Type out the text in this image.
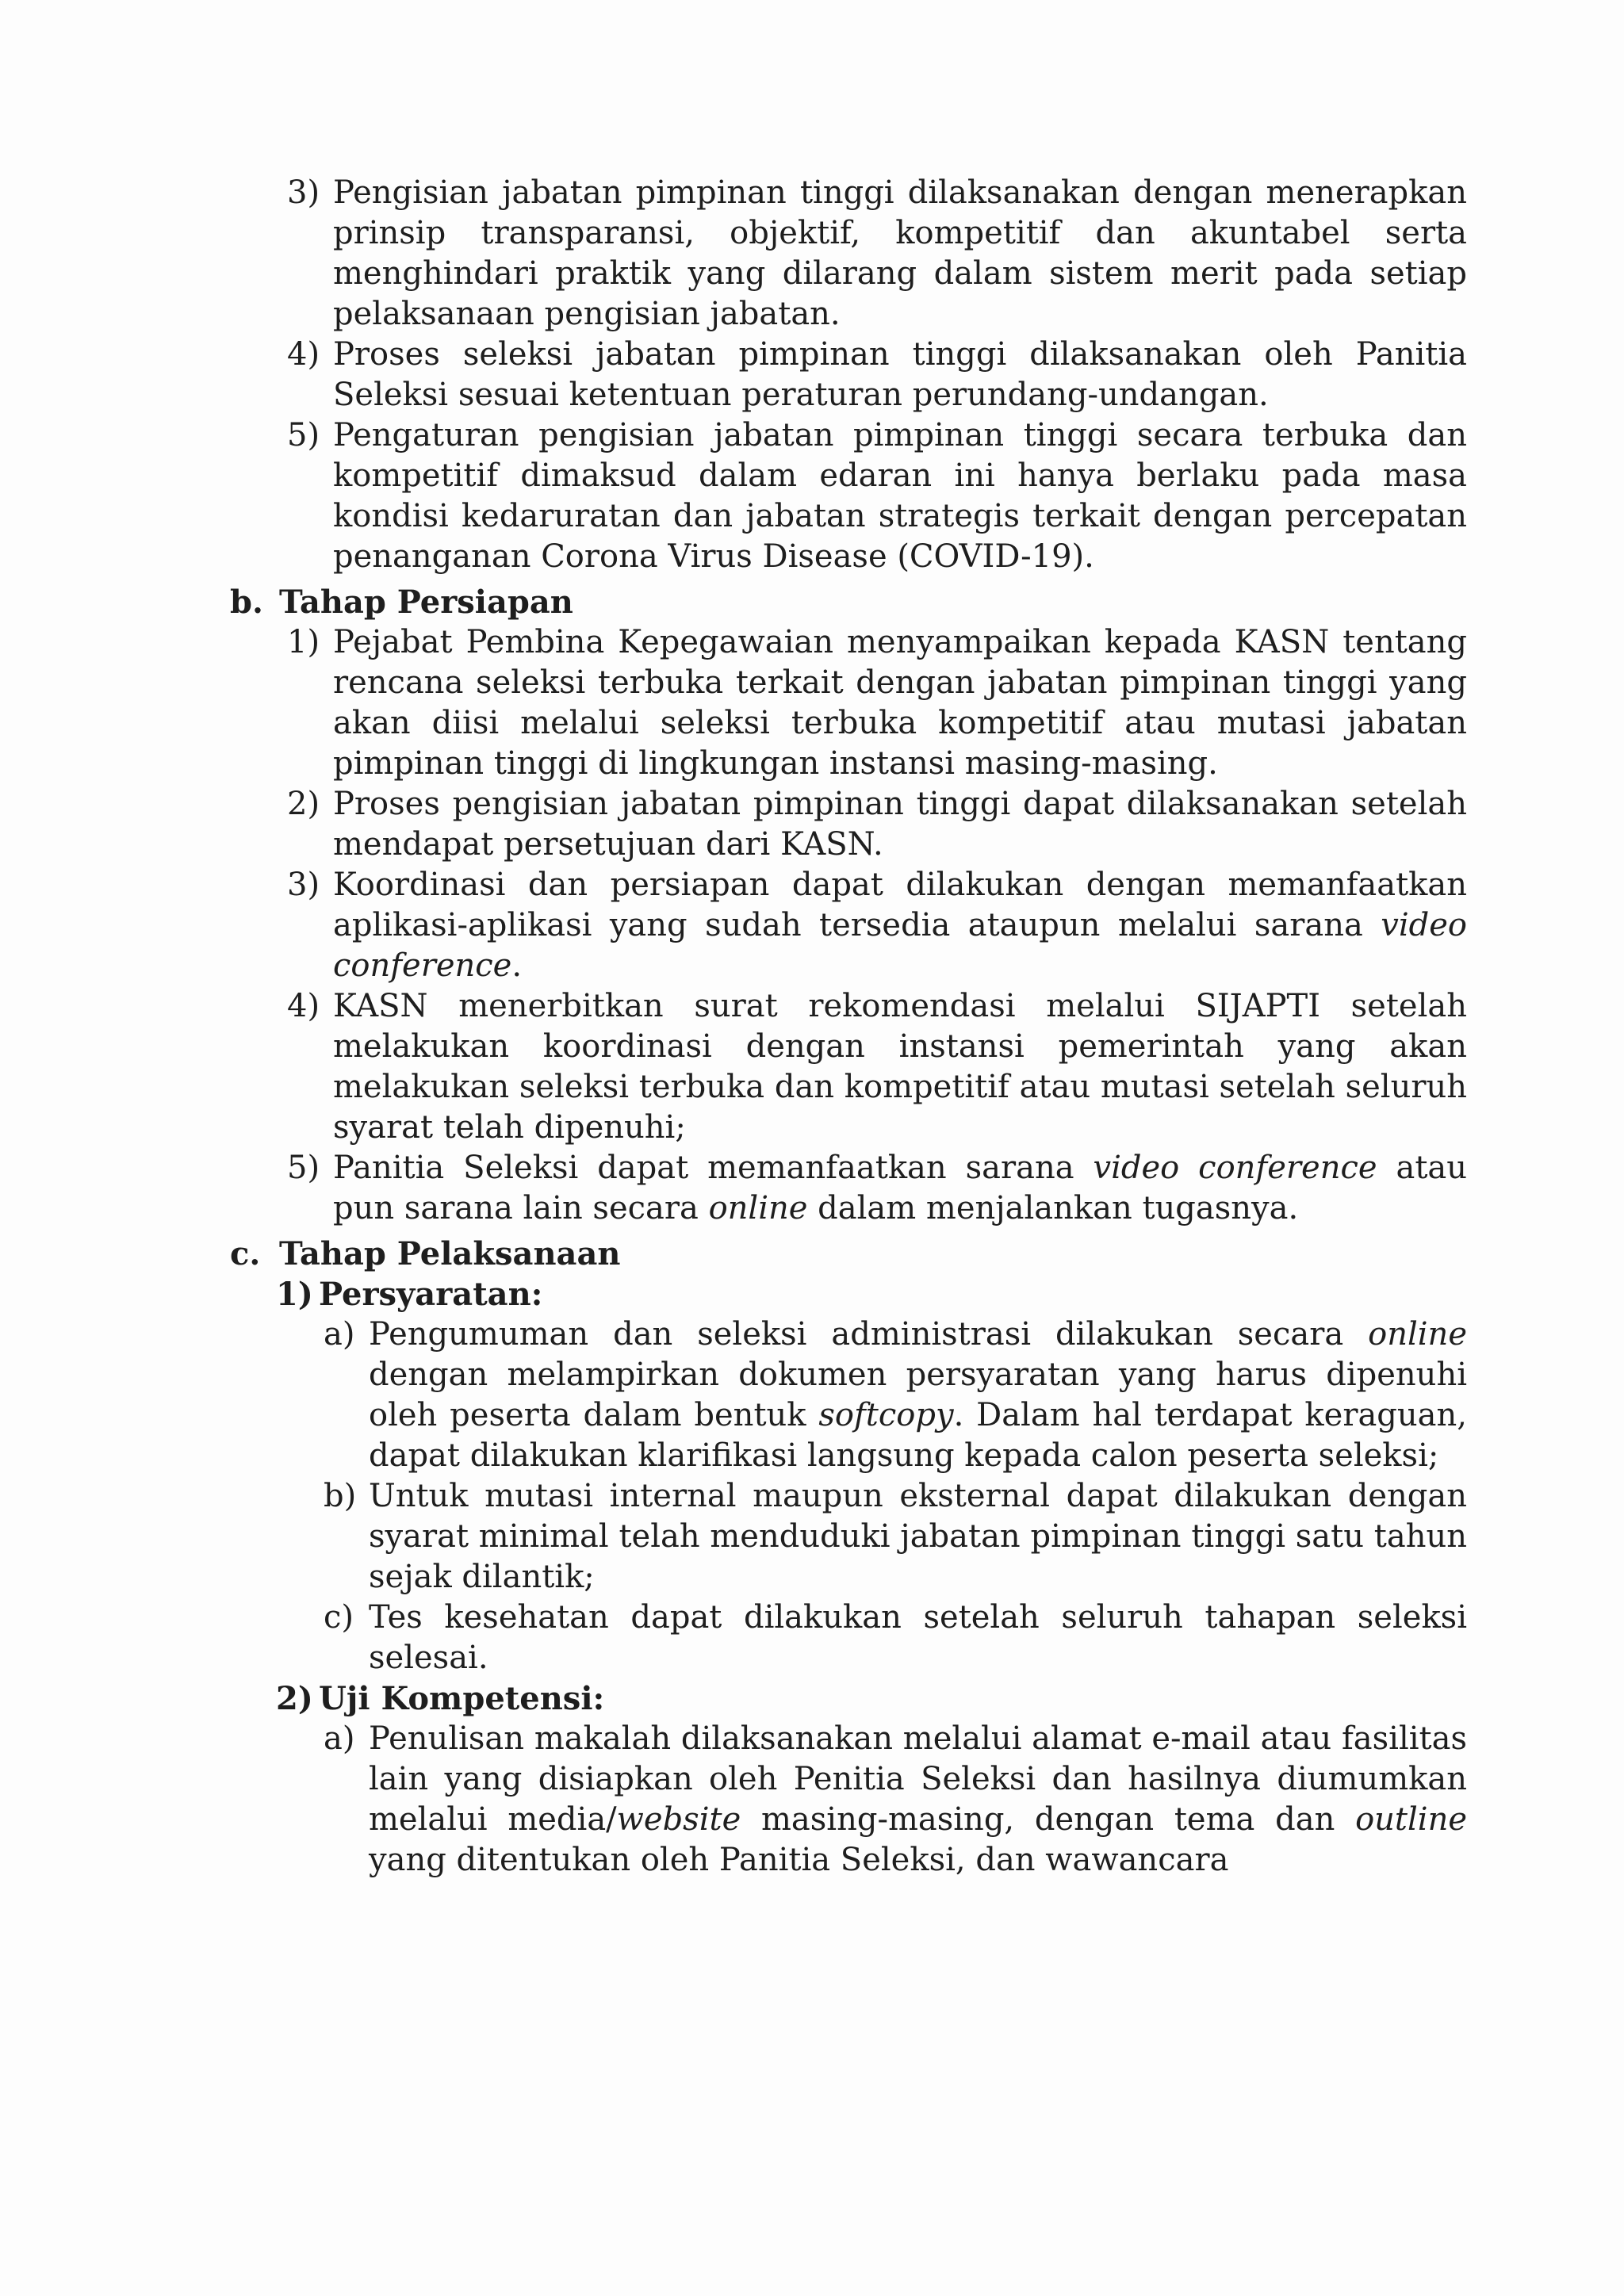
3) Pengisian jabatan pimpinan tinggi dilaksanakan dengan menerapkan prinsip transparansi, objektif, kompetitif dan akuntabel serta menghindari praktik yang dilarang dalam sistem merit pada setiap pelaksanaan pengisian jabatan.
4) Proses seleksi jabatan pimpinan tinggi dilaksanakan oleh Panitia Seleksi sesuai ketentuan peraturan perundang-undangan.
5) Pengaturan pengisian jabatan pimpinan tinggi secara terbuka dan kompetitif dimaksud dalam edaran ini hanya berlaku pada masa kondisi kedaruratan dan jabatan strategis terkait dengan percepatan penanganan Corona Virus Disease (COVID-19).
b. Tahap Persiapan
1) Pejabat Pembina Kepegawaian menyampaikan kepada KASN tentang rencana seleksi terbuka terkait dengan jabatan pimpinan tinggi yang akan diisi melalui seleksi terbuka kompetitif atau mutasi jabatan pimpinan tinggi di lingkungan instansi masing-masing.
2) Proses pengisian jabatan pimpinan tinggi dapat dilaksanakan setelah mendapat persetujuan dari KASN.
3) Koordinasi dan persiapan dapat dilakukan dengan memanfaatkan aplikasi-aplikasi yang sudah tersedia ataupun melalui sarana video conference.
4) KASN menerbitkan surat rekomendasi melalui SIJAPTI setelah melakukan koordinasi dengan instansi pemerintah yang akan melakukan seleksi terbuka dan kompetitif atau mutasi setelah seluruh syarat telah dipenuhi;
5) Panitia Seleksi dapat memanfaatkan sarana video conference atau pun sarana lain secara online dalam menjalankan tugasnya.
c. Tahap Pelaksanaan
1) Persyaratan:
a) Pengumuman dan seleksi administrasi dilakukan secara online dengan melampirkan dokumen persyaratan yang harus dipenuhi oleh peserta dalam bentuk softcopy. Dalam hal terdapat keraguan, dapat dilakukan klarifikasi langsung kepada calon peserta seleksi;
b) Untuk mutasi internal maupun eksternal dapat dilakukan dengan syarat minimal telah menduduki jabatan pimpinan tinggi satu tahun sejak dilantik;
c) Tes kesehatan dapat dilakukan setelah seluruh tahapan seleksi selesai.
2) Uji Kompetensi:
a) Penulisan makalah dilaksanakan melalui alamat e-mail atau fasilitas lain yang disiapkan oleh Penitia Seleksi dan hasilnya diumumkan melalui media/website masing-masing, dengan tema dan outline yang ditentukan oleh Panitia Seleksi, dan wawancara
